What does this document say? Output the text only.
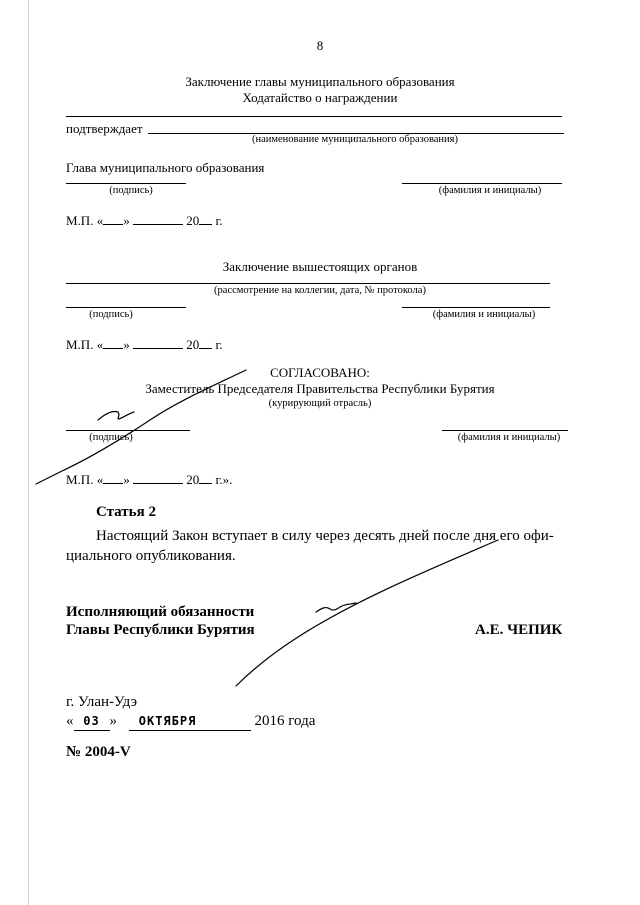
8
Заключение главы муниципального образования
Ходатайство о награждении
подтверждает
(наименование муниципального образования)
Глава муниципального образования
(подпись)	(фамилия и инициалы)
М.П. « »	20 г.
Заключение вышестоящих органов
(рассмотрение на коллегии, дата, № протокола)
(подпись)	(фамилия и инициалы)
М.П. « »	20 г.
СОГЛАСОВАНО:
Заместитель Председателя Правительства Республики Бурятия
(курирующий отрасль)
(подпись)	(фамилия и инициалы)
М.П. « »	20 г.».
Статья 2
Настоящий Закон вступает в силу через десять дней после дня его офи-
циального опубликования.
Исполняющий обязанности
Главы Республики Бурятия	А.Е. ЧЕПИК
г. Улан-Удэ
« 03 » ОКТЯБРЯ	2016 года
№ 2004-V
